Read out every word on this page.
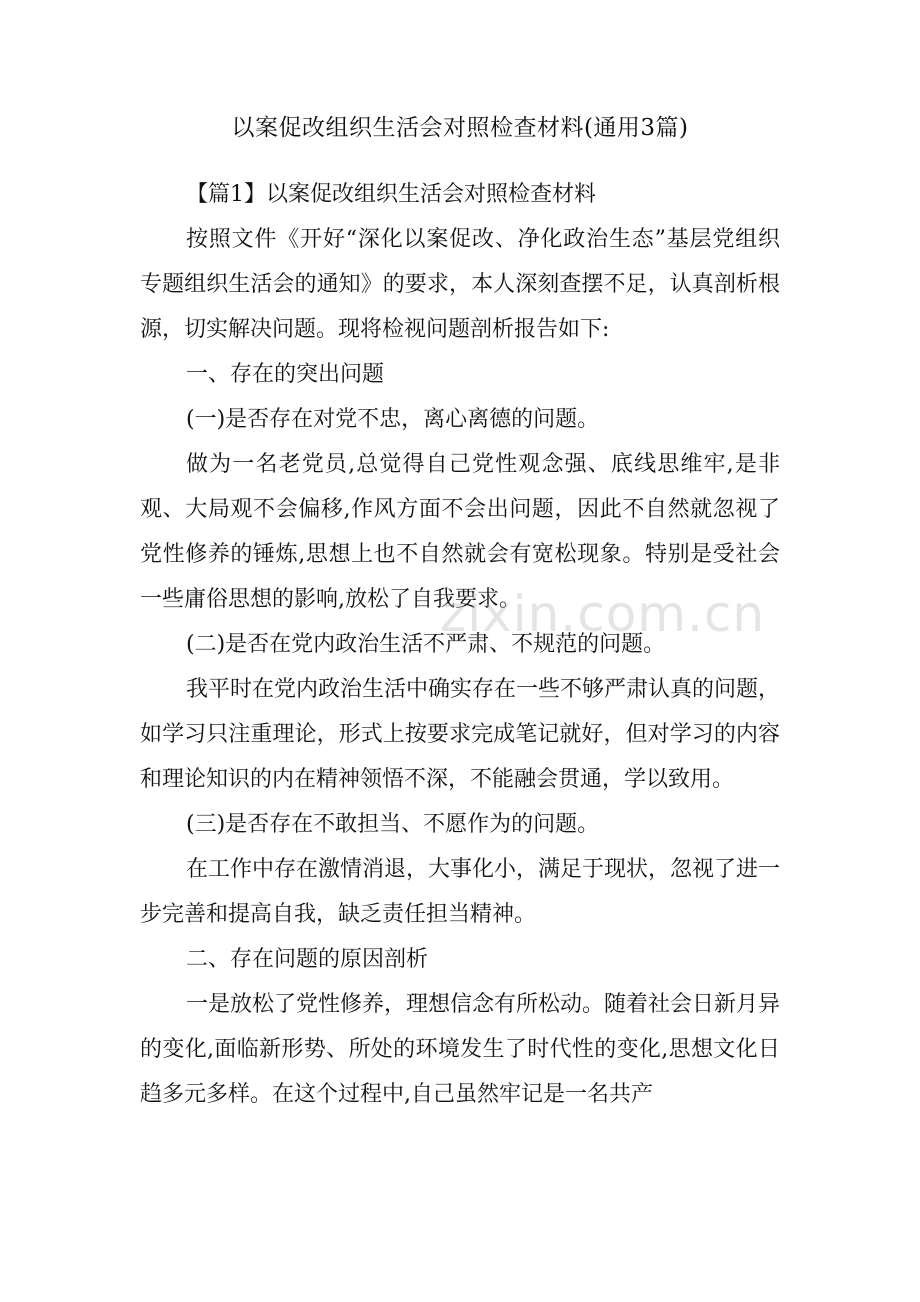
以案促改组织生活会对照检查材料(通用3篇)

【篇1】以案促改组织生活会对照检查材料

按照文件《开好“深化以案促改、净化政治生态”基层党组织专题组织生活会的通知》的要求，本人深刻查摆不足，认真剖析根源，切实解决问题。现将检视问题剖析报告如下:

一、存在的突出问题

(一)是否存在对党不忠，离心离德的问题。

做为一名老党员,总觉得自己党性观念强、底线思维牢,是非观、大局观不会偏移,作风方面不会出问题，因此不自然就忽视了党性修养的锤炼,思想上也不自然就会有宽松现象。特别是受社会一些庸俗思想的影响,放松了自我要求。

(二)是否在党内政治生活不严肃、不规范的问题。

我平时在党内政治生活中确实存在一些不够严肃认真的问题，如学习只注重理论，形式上按要求完成笔记就好，但对学习的内容和理论知识的内在精神领悟不深，不能融会贯通，学以致用。

(三)是否存在不敢担当、不愿作为的问题。

在工作中存在激情消退，大事化小，满足于现状，忽视了进一步完善和提高自我，缺乏责任担当精神。

二、存在问题的原因剖析

一是放松了党性修养，理想信念有所松动。随着社会日新月异的变化,面临新形势、所处的环境发生了时代性的变化,思想文化日趋多元多样。在这个过程中,自己虽然牢记是一名共产

zixin.com.cn
